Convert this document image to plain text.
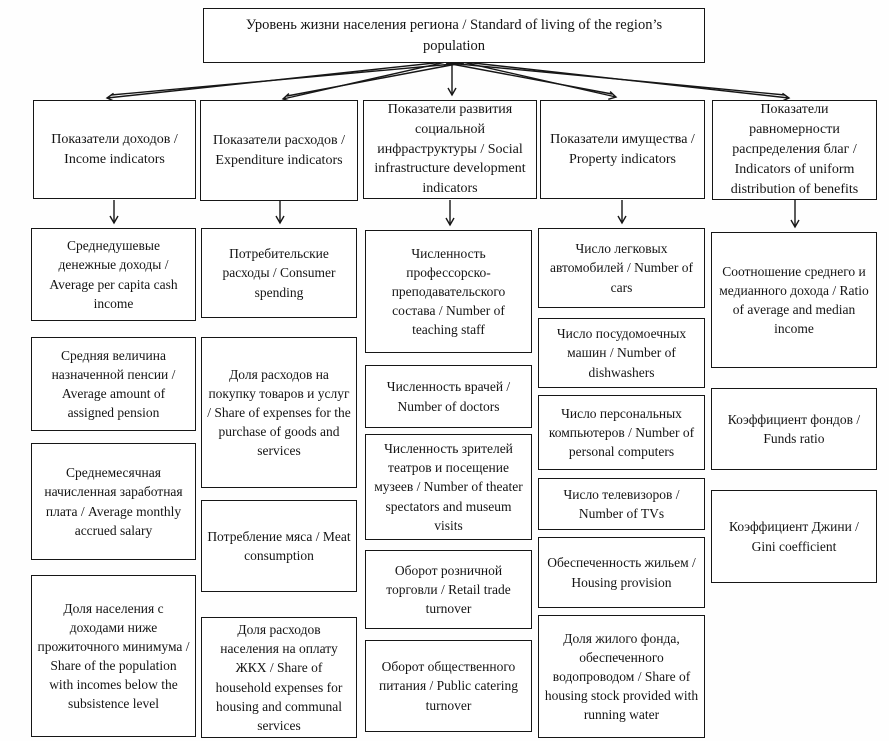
Уровень жизни населения региона / Standard of living of the region’s population
Показатели доходов / Income indicators
Показатели расходов / Expenditure indicators
Показатели развития социальной инфраструктуры / Social infrastructure development indicators
Показатели имущества / Property indicators
Показатели равномерности распределения благ / Indicators of uniform distribution of benefits
Среднедушевые денежные доходы / Average per capita cash income
Средняя величина назначенной пенсии / Average amount of assigned pension
Среднемесячная начисленная заработная плата / Average monthly accrued salary
Доля населения с доходами ниже прожиточного минимума / Share of the population with incomes below the subsistence level
Потребительские расходы / Consumer spending
Доля расходов на покупку товаров и услуг / Share of expenses for the purchase of goods and services
Потребление мяса / Meat consumption
Доля расходов населения на оплату ЖКХ / Share of household expenses for housing and communal services
Численность профессорско-преподавательского состава / Number of teaching staff
Численность врачей / Number of doctors
Численность зрителей театров и посещение музеев / Number of theater spectators and museum visits
Оборот розничной торговли / Retail trade turnover
Оборот общественного питания / Public catering turnover
Число легковых автомобилей / Number of cars
Число посудомоечных машин / Number of dishwashers
Число персональных компьютеров / Number of personal computers
Число телевизоров / Number of TVs
Обеспеченность жильем / Housing provision
Доля жилого фонда, обеспеченного водопроводом / Share of housing stock provided with running water
Соотношение среднего и медианного дохода / Ratio of average and median income
Коэффициент фондов / Funds ratio
Коэффициент Джини / Gini coefficient
